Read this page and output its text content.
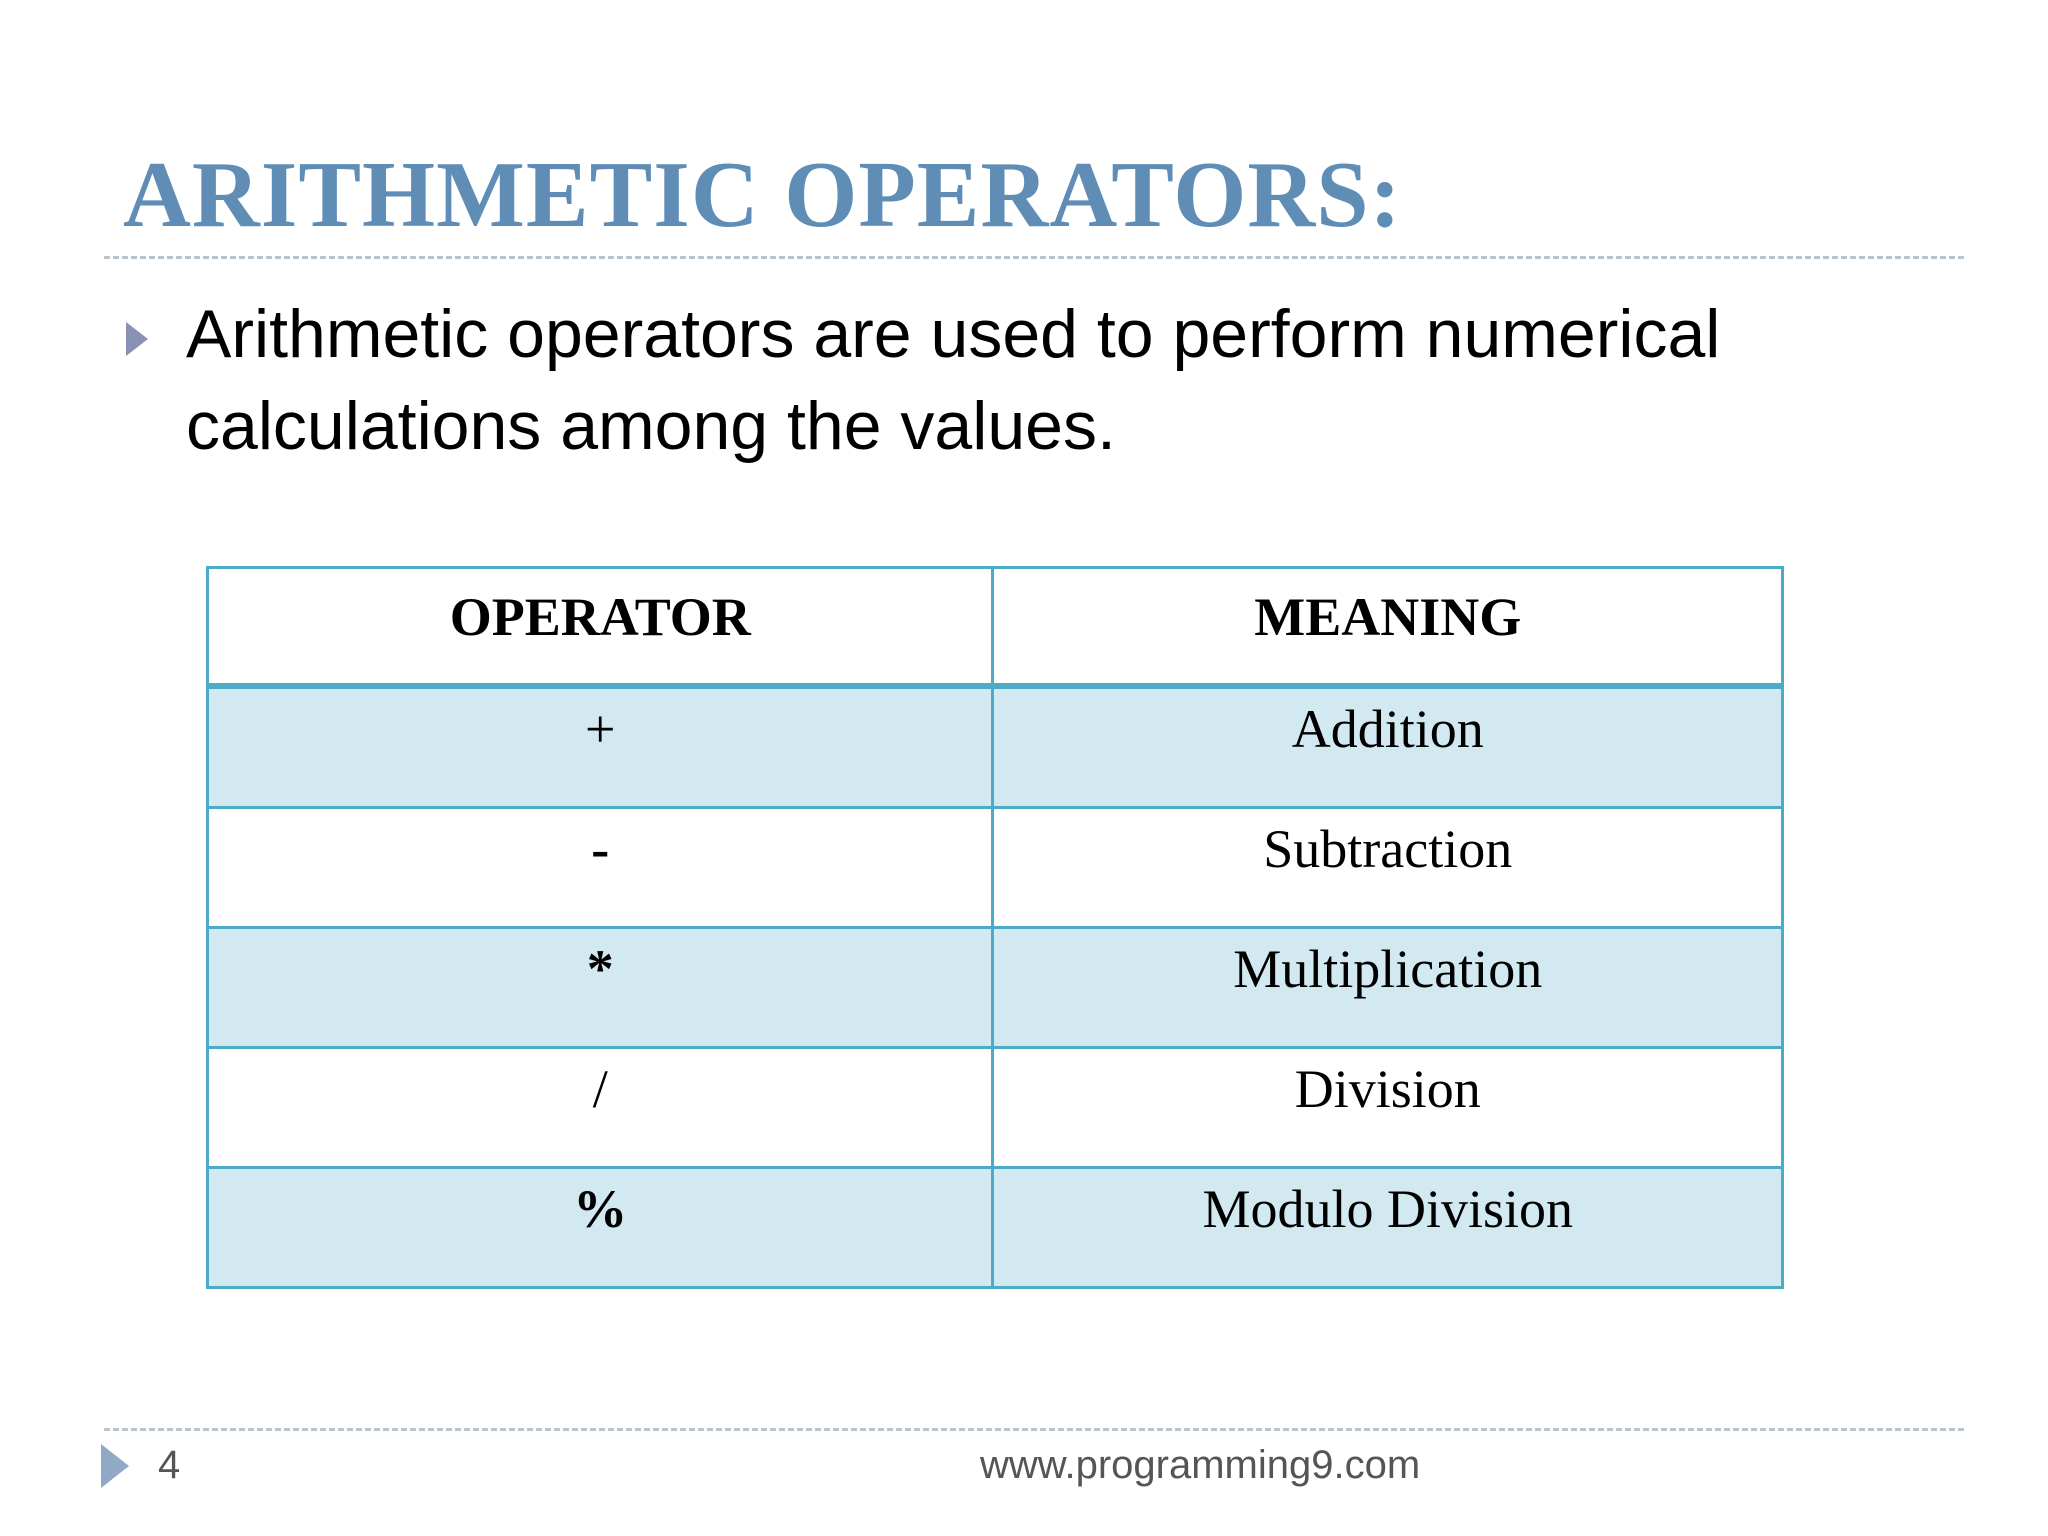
ARITHMETIC OPERATORS:

Arithmetic operators are used to perform numerical calculations among the values.

OPERATOR	MEANING
+	Addition
-	Subtraction
*	Multiplication
/	Division
%	Modulo Division
4	www.programming9.com
